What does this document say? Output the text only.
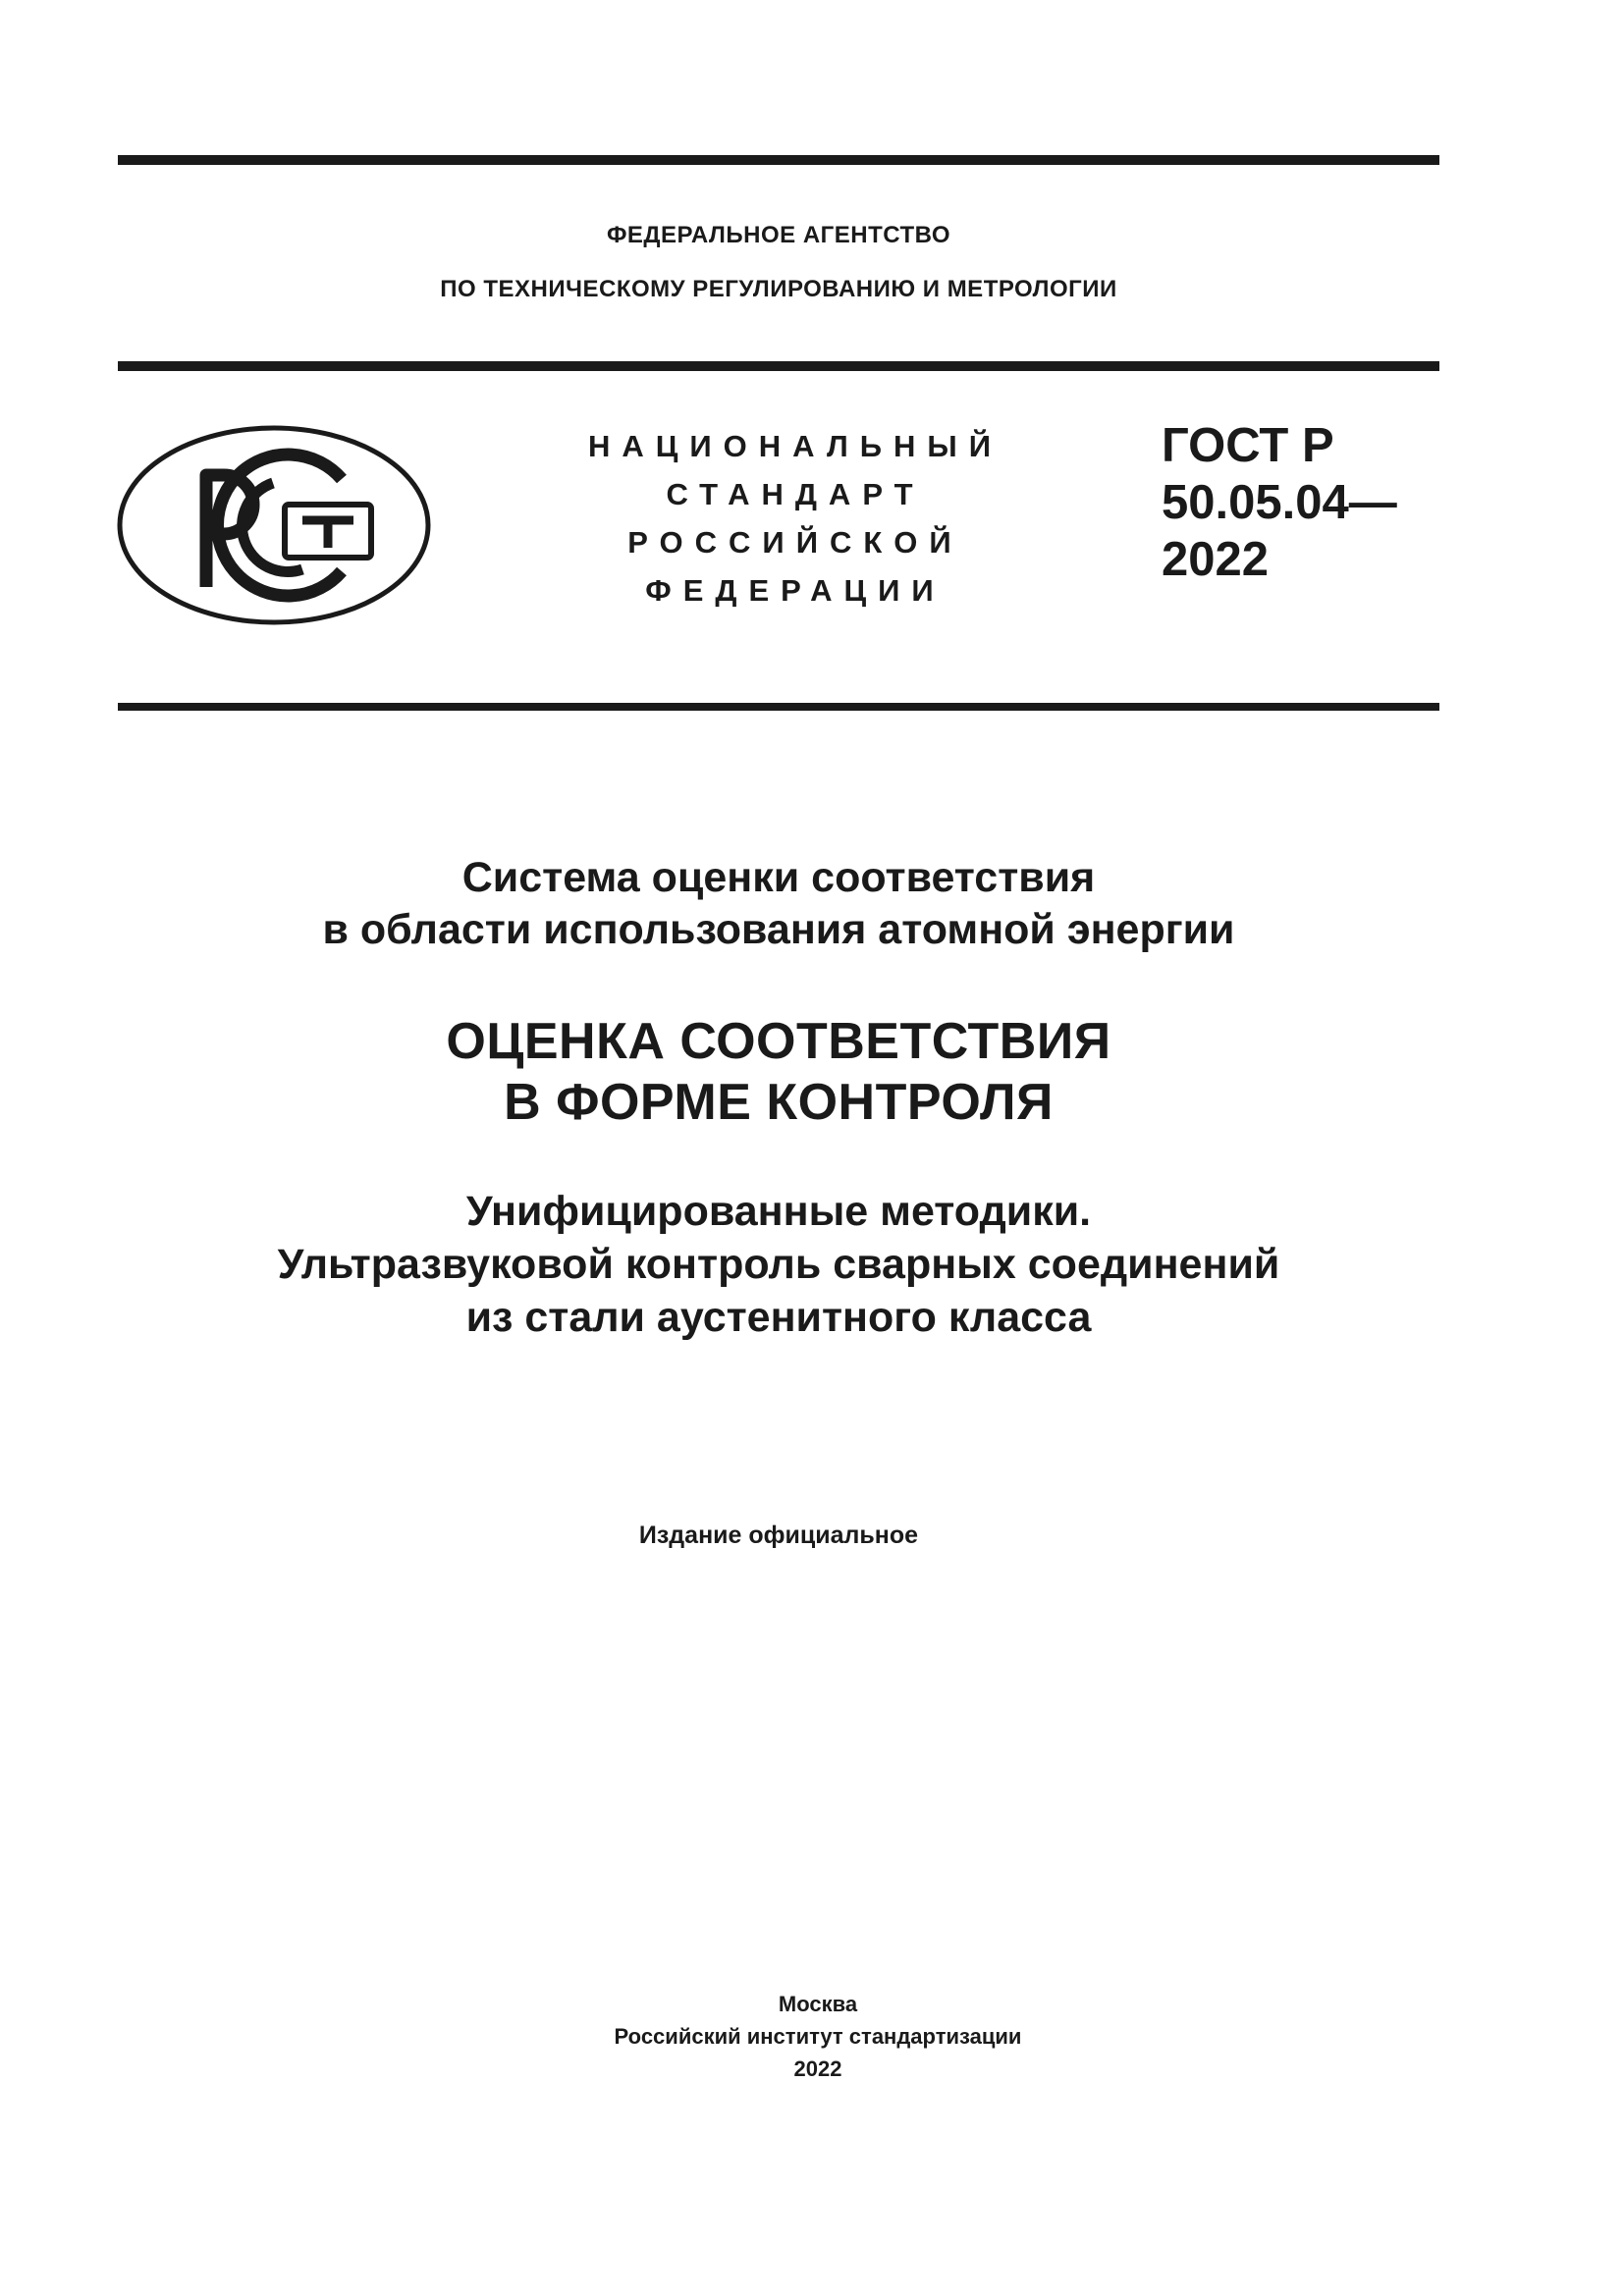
ФЕДЕРАЛЬНОЕ АГЕНТСТВО
ПО ТЕХНИЧЕСКОМУ РЕГУЛИРОВАНИЮ И МЕТРОЛОГИИ
НАЦИОНАЛЬНЫЙ
СТАНДАРТ
РОССИЙСКОЙ
ФЕДЕРАЦИИ
ГОСТ Р
50.05.04—
2022
Система оценки соответствия
в области использования атомной энергии
ОЦЕНКА СООТВЕТСТВИЯ
В ФОРМЕ КОНТРОЛЯ
Унифицированные методики.
Ультразвуковой контроль сварных соединений
из стали аустенитного класса
Издание официальное
Москва
Российский институт стандартизации
2022
